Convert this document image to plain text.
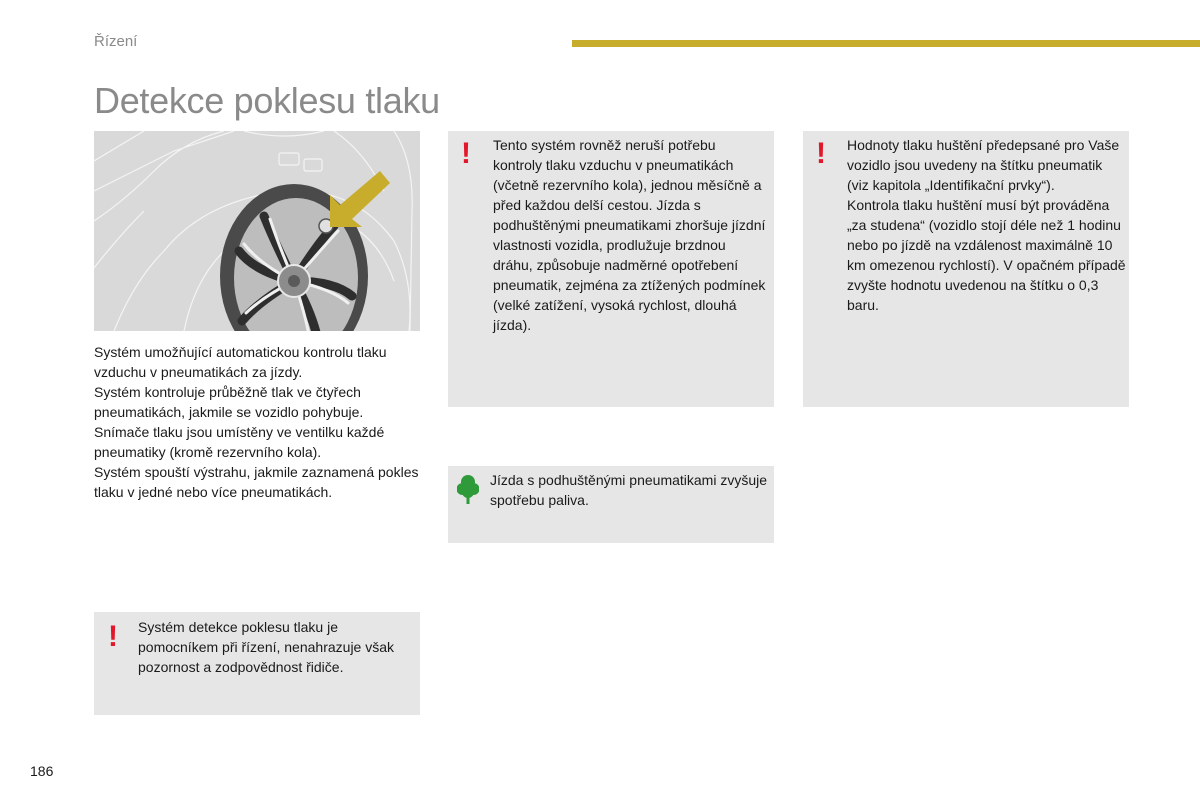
Řízení
Detekce poklesu tlaku

Systém umožňující automatickou kontrolu tlaku vzduchu v pneumatikách za jízdy.

Systém kontroluje průběžně tlak ve čtyřech pneumatikách, jakmile se vozidlo pohybuje.

Snímače tlaku jsou umístěny ve ventilku každé pneumatiky (kromě rezervního kola).

Systém spouští výstrahu, jakmile zaznamená pokles tlaku v jedné nebo více pneumatikách.

! Tento systém rovněž neruší potřebu kontroly tlaku vzduchu v pneumatikách (včetně rezervního kola), jednou měsíčně a před každou delší cestou. Jízda s podhuštěnými pneumatikami zhoršuje jízdní vlastnosti vozidla, prodlužuje brzdnou dráhu, způsobuje nadměrné opotřebení pneumatik, zejména za ztížených podmínek (velké zatížení, vysoká rychlost, dlouhá jízda).

! Hodnoty tlaku huštění předepsané pro Vaše vozidlo jsou uvedeny na štítku pneumatik (viz kapitola „Identifikační prvky“).

Kontrola tlaku huštění musí být prováděna „za studena“ (vozidlo stojí déle než 1 hodinu nebo po jízdě na vzdálenost maximálně 10 km omezenou rychlostí). V opačném případě zvyšte hodnotu uvedenou na štítku o 0,3 baru.

Jízda s podhuštěnými pneumatikami zvyšuje spotřebu paliva.

! Systém detekce poklesu tlaku je pomocníkem při řízení, nenahrazuje však pozornost a zodpovědnost řidiče.

186
